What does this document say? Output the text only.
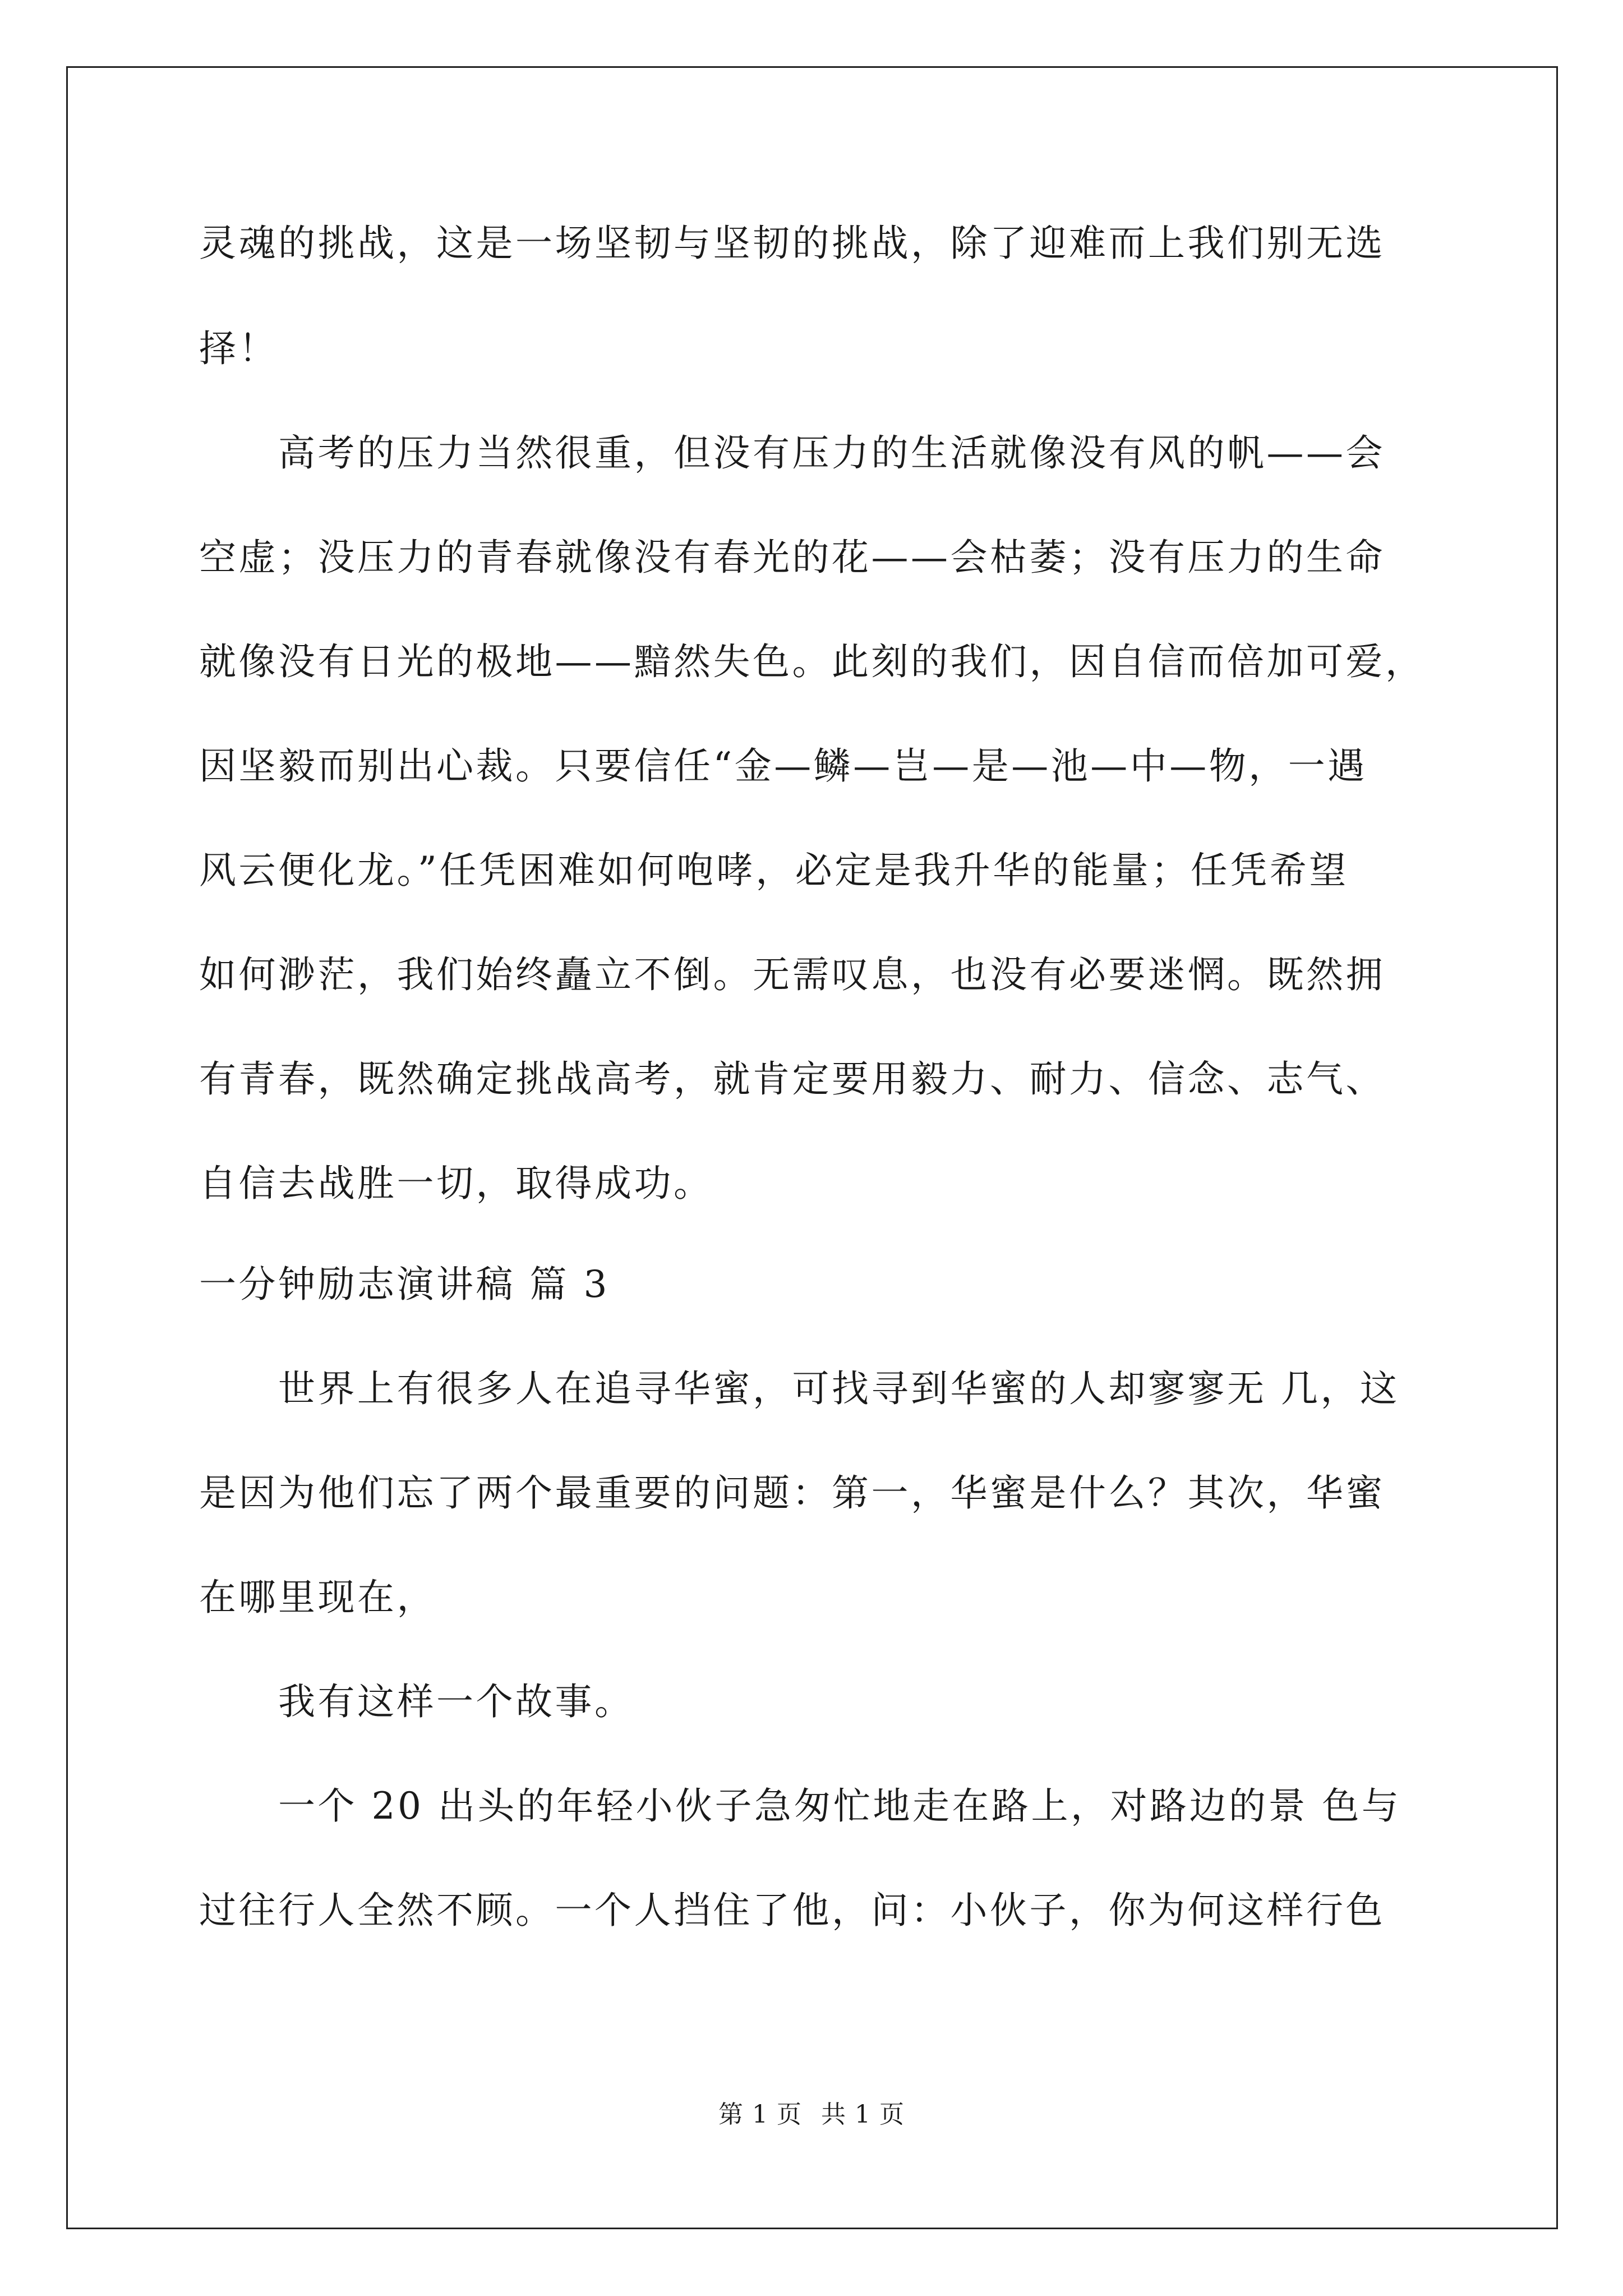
灵魂的挑战，这是一场坚韧与坚韧的挑战，除了迎难而上我们别无选
择！
　　高考的压力当然很重，但没有压力的生活就像没有风的帆——会
空虚；没压力的青春就像没有春光的花——会枯萎；没有压力的生命
就像没有日光的极地——黯然失色。此刻的我们，因自信而倍加可爱，
因坚毅而别出心裁。只要信任“金—鳞—岂—是—池—中—物，一遇
风云便化龙。”任凭困难如何咆哮，必定是我升华的能量；任凭希望
如何渺茫，我们始终矗立不倒。无需叹息，也没有必要迷惘。既然拥
有青春，既然确定挑战高考，就肯定要用毅力、耐力、信念、志气、
自信去战胜一切，取得成功。
一分钟励志演讲稿 篇 3
　　世界上有很多人在追寻华蜜，可找寻到华蜜的人却寥寥无 几，这
是因为他们忘了两个最重要的问题：第一，华蜜是什么？其次，华蜜
在哪里现在，
　　我有这样一个故事。
　　一个 20 出头的年轻小伙子急匆忙地走在路上，对路边的景 色与
过往行人全然不顾。一个人挡住了他，问：小伙子，你为何这样行色
第 1 页 共 1 页
